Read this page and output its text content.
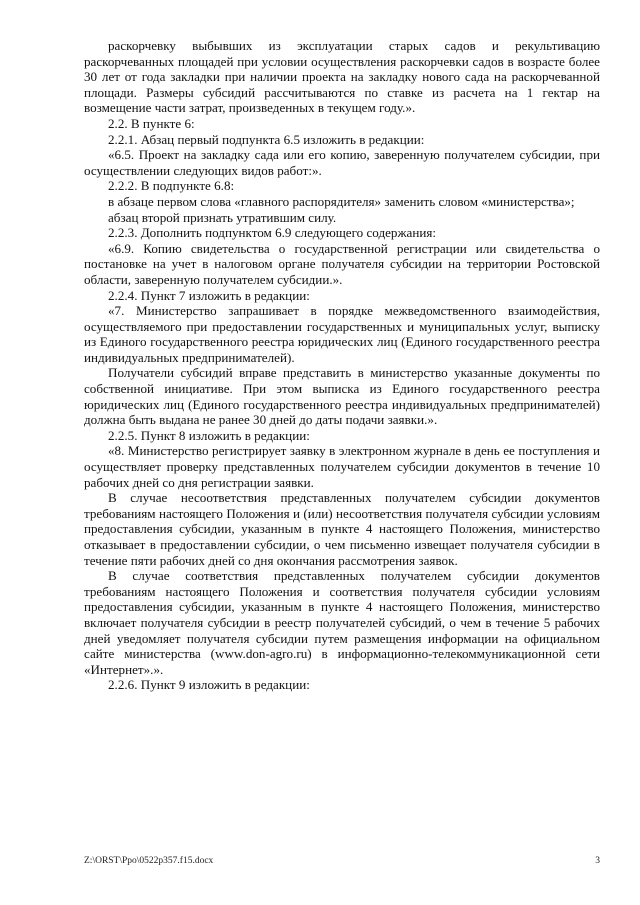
раскорчевку выбывших из эксплуатации старых садов и рекультивацию раскорчеванных площадей при условии осуществления раскорчевки садов в возрасте более 30 лет от года закладки при наличии проекта на закладку нового сада на раскорчеванной площади. Размеры субсидий рассчитываются по ставке из расчета на 1 гектар на возмещение части затрат, произведенных в текущем году.».

2.2. В пункте 6:

2.2.1. Абзац первый подпункта 6.5 изложить в редакции:

«6.5. Проект на закладку сада или его копию, заверенную получателем субсидии, при осуществлении следующих видов работ:».

2.2.2. В подпункте 6.8:

в абзаце первом слова «главного распорядителя» заменить словом «министерства»;

абзац второй признать утратившим силу.

2.2.3. Дополнить подпунктом 6.9 следующего содержания:

«6.9. Копию свидетельства о государственной регистрации или свидетельства о постановке на учет в налоговом органе получателя субсидии на территории Ростовской области, заверенную получателем субсидии.».

2.2.4. Пункт 7 изложить в редакции:

«7. Министерство запрашивает в порядке межведомственного взаимодействия, осуществляемого при предоставлении государственных и муниципальных услуг, выписку из Единого государственного реестра юридических лиц (Единого государственного реестра индивидуальных предпринимателей).

Получатели субсидий вправе представить в министерство указанные документы по собственной инициативе. При этом выписка из Единого государственного реестра юридических лиц (Единого государственного реестра индивидуальных предпринимателей) должна быть выдана не ранее 30 дней до даты подачи заявки.».

2.2.5. Пункт 8 изложить в редакции:

«8. Министерство регистрирует заявку в электронном журнале в день ее поступления и осуществляет проверку представленных получателем субсидии документов в течение 10 рабочих дней со дня регистрации заявки.

В случае несоответствия представленных получателем субсидии документов требованиям настоящего Положения и (или) несоответствия получателя субсидии условиям предоставления субсидии, указанным в пункте 4 настоящего Положения, министерство отказывает в предоставлении субсидии, о чем письменно извещает получателя субсидии в течение пяти рабочих дней со дня окончания рассмотрения заявок.

В случае соответствия представленных получателем субсидии документов требованиям настоящего Положения и соответствия получателя субсидии условиям предоставления субсидии, указанным в пункте 4 настоящего Положения, министерство включает получателя субсидии в реестр получателей субсидий, о чем в течение 5 рабочих дней уведомляет получателя субсидии путем размещения информации на официальном сайте министерства (www.don-agro.ru) в информационно-телекоммуникационной сети «Интернет».».

2.2.6. Пункт 9 изложить в редакции:

Z:\ORST\Ppo\0522p357.f15.docx	3
